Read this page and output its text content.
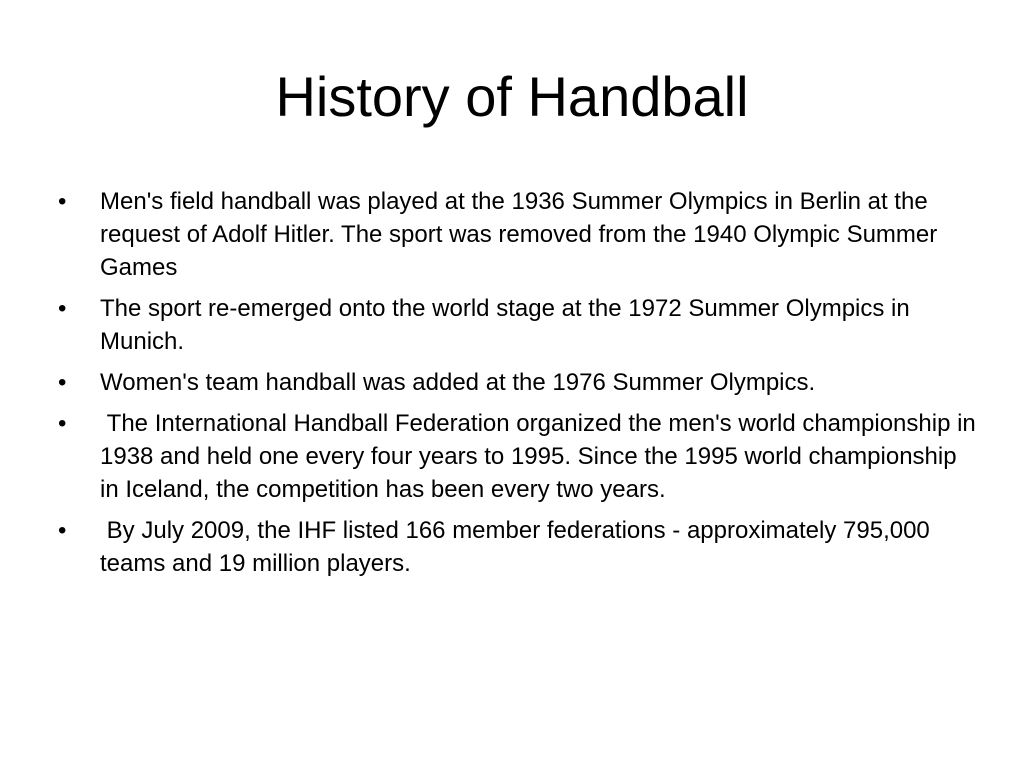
History of Handball
•	Men's field handball was played at the 1936 Summer Olympics in Berlin at the request of Adolf Hitler. The sport was removed from the 1940 Olympic Summer Games
•	The sport re-emerged onto the world stage at the 1972 Summer Olympics in Munich.
•	Women's team handball was added at the 1976 Summer Olympics.
•	The International Handball Federation organized the men's world championship in 1938 and held one every four years to 1995. Since the 1995 world championship in Iceland, the competition has been every two years.
•	By July 2009, the IHF listed 166 member federations - approximately 795,000 teams and 19 million players.
